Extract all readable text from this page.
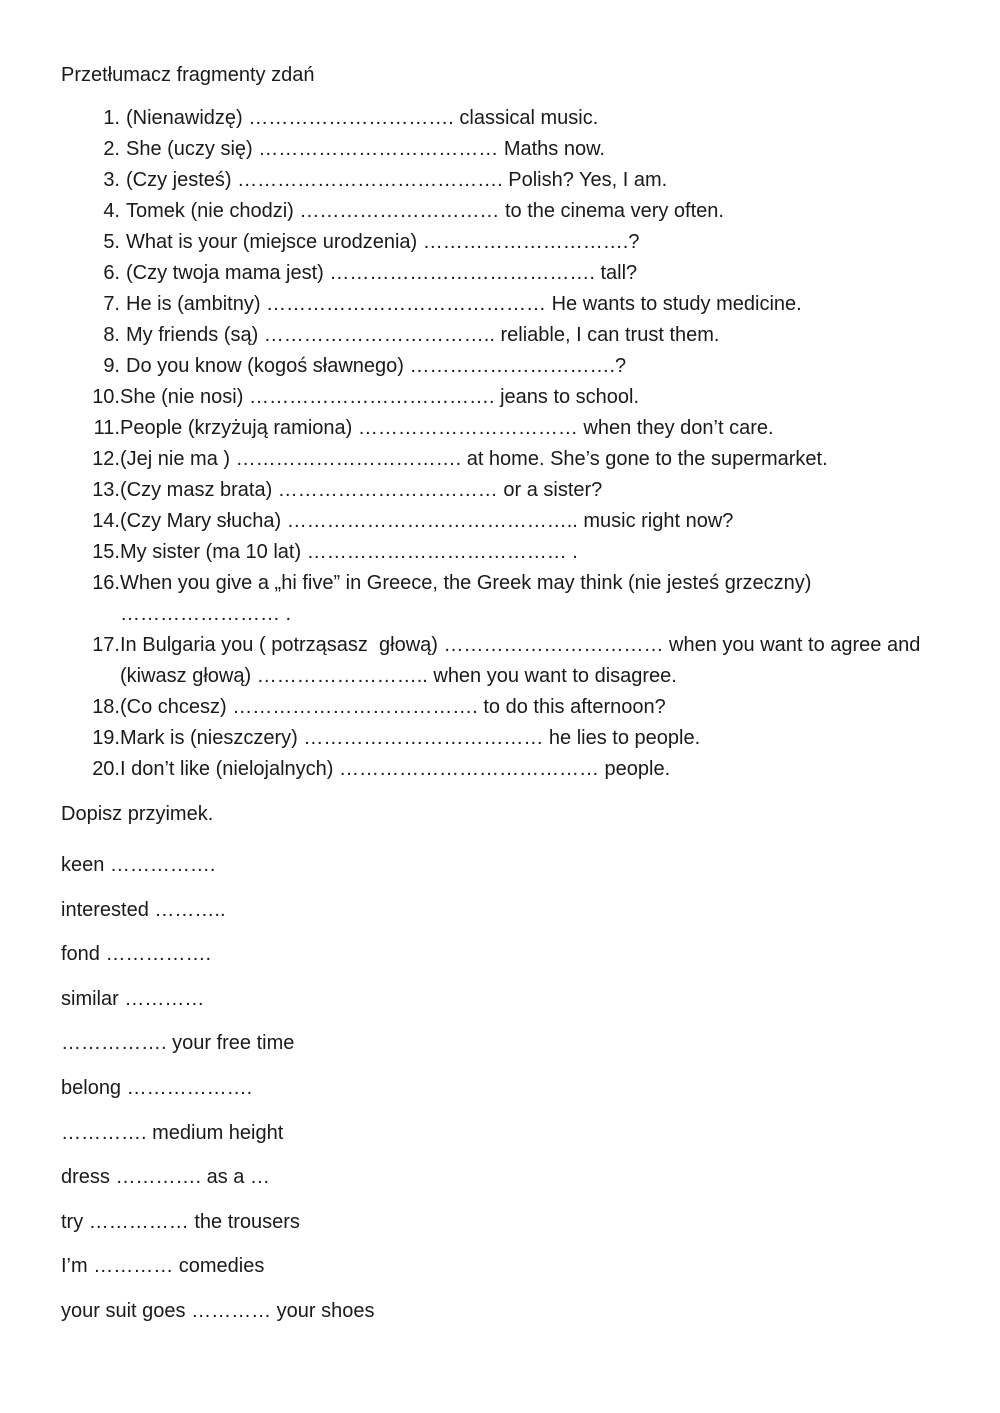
Przetłumacz fragmenty zdań

1. (Nienawidzę) …………………………. classical music.
2. She (uczy się) ……………………………… Maths now.
3. (Czy jesteś) …………………………………. Polish? Yes, I am.
4. Tomek (nie chodzi) ………………………… to the cinema very often.
5. What is your (miejsce urodzenia) ………………………….?
6. (Czy twoja mama jest) …………………………………. tall?
7. He is (ambitny) …………………………………… He wants to study medicine.
8. My friends (są) …………………………….. reliable, I can trust them.
9. Do you know (kogoś sławnego) ………………………….?
10. She (nie nosi) ………………………………. jeans to school.
11. People (krzyżują ramiona) …………………………… when they don’t care.
12. (Jej nie ma ) ……………………………. at home. She’s gone to the supermarket.
13. (Czy masz brata) …………………………… or a sister?
14. (Czy Mary słucha) …………………………………….. music right now?
15. My sister (ma 10 lat) ………………………………… .
16. When you give a „hi five” in Greece, the Greek may think (nie jesteś grzeczny)
…………………… .
17. In Bulgaria you ( potrząsasz  głową) …………………………… when you want to agree and
(kiwasz głową) …………………….. when you want to disagree.
18. (Co chcesz) ………………………………. to do this afternoon?
19. Mark is (nieszczery) ……………………………… he lies to people.
20. I don’t like (nielojalnych) ………………………………… people.

Dopisz przyimek.

keen …………….
interested ………..
fond …………….
similar …………
……………. your free time
belong ……………….
…………. medium height
dress …………. as a …
try …………… the trousers
I’m ………… comedies
your suit goes ………… your shoes
